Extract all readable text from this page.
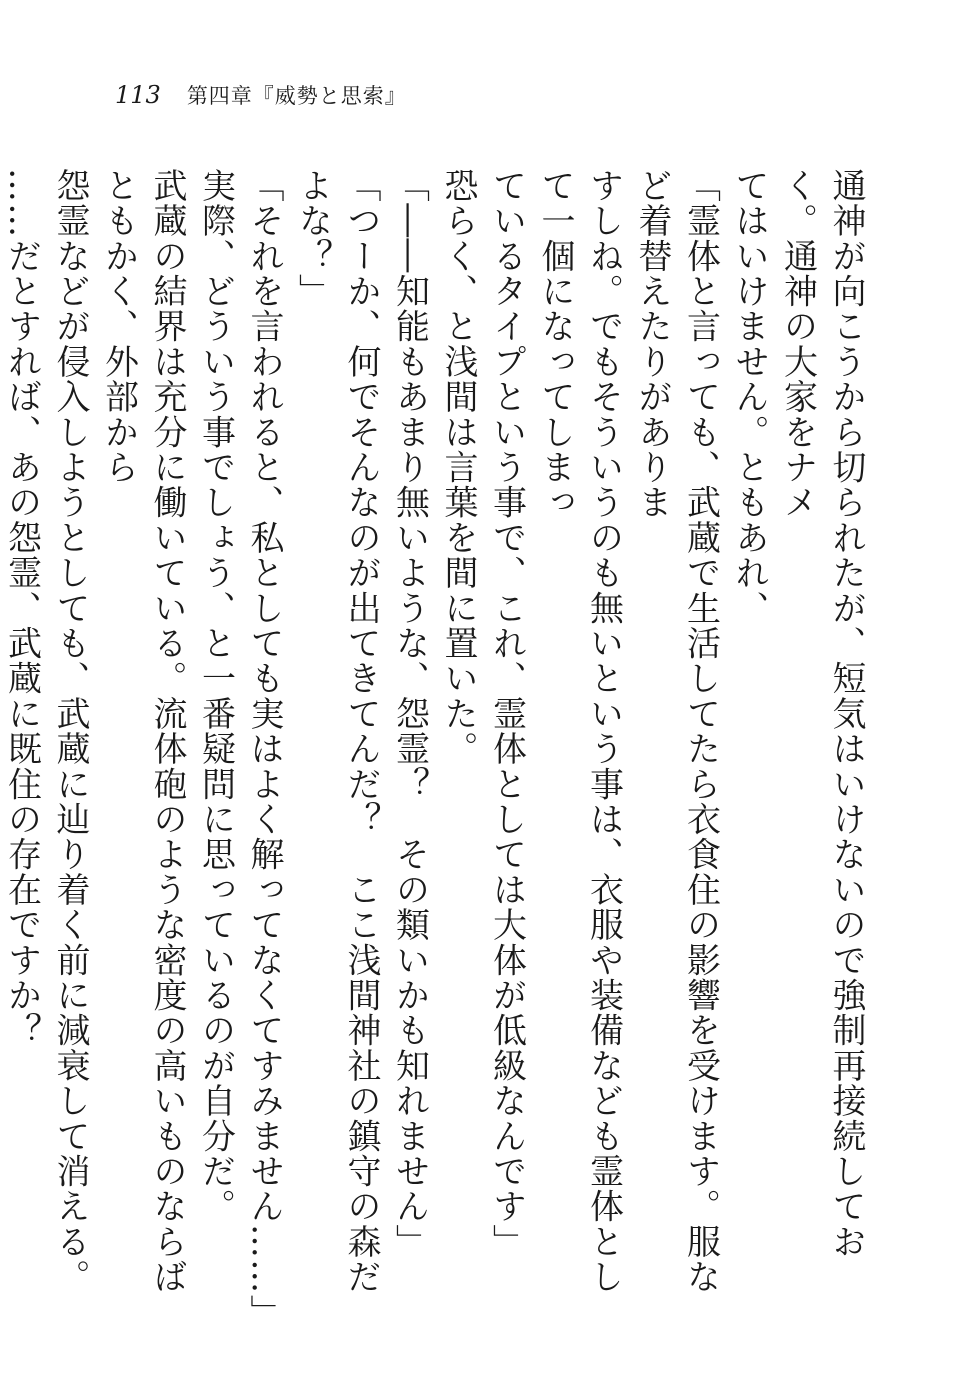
113 第四章『威勢と思索』

通神が向こうから切られたが、短気はいけないので強制再接続しておく。通神の大家をナメ

てはいけません。ともあれ、

「霊体と言っても、武蔵で生活してたら衣食住の影響を受けます。服など着替えたりがありま

すしね。でもそういうのも無いという事は、衣服や装備なども霊体として一個になってしまっ

ているタイプという事で、これ、霊体としては大体が低級なんです」

恐らく、と浅間は言葉を間に置いた。

「――知能もあまり無いような、怨霊？　その類いかも知れません」

「つーか、何でそんなのが出てきてんだ？　ここ浅間神社の鎮守の森だよな？」

「それを言われると、私としても実はよく解ってなくてすみません……」

実際、どういう事でしょう、と一番疑問に思っているのが自分だ。

武蔵の結界は充分に働いている。流体砲のような密度の高いものならばともかく、外部から

怨霊などが侵入しようとしても、武蔵に辿り着く前に減衰して消える。

……だとすれば、あの怨霊、武蔵に既住の存在ですか？
